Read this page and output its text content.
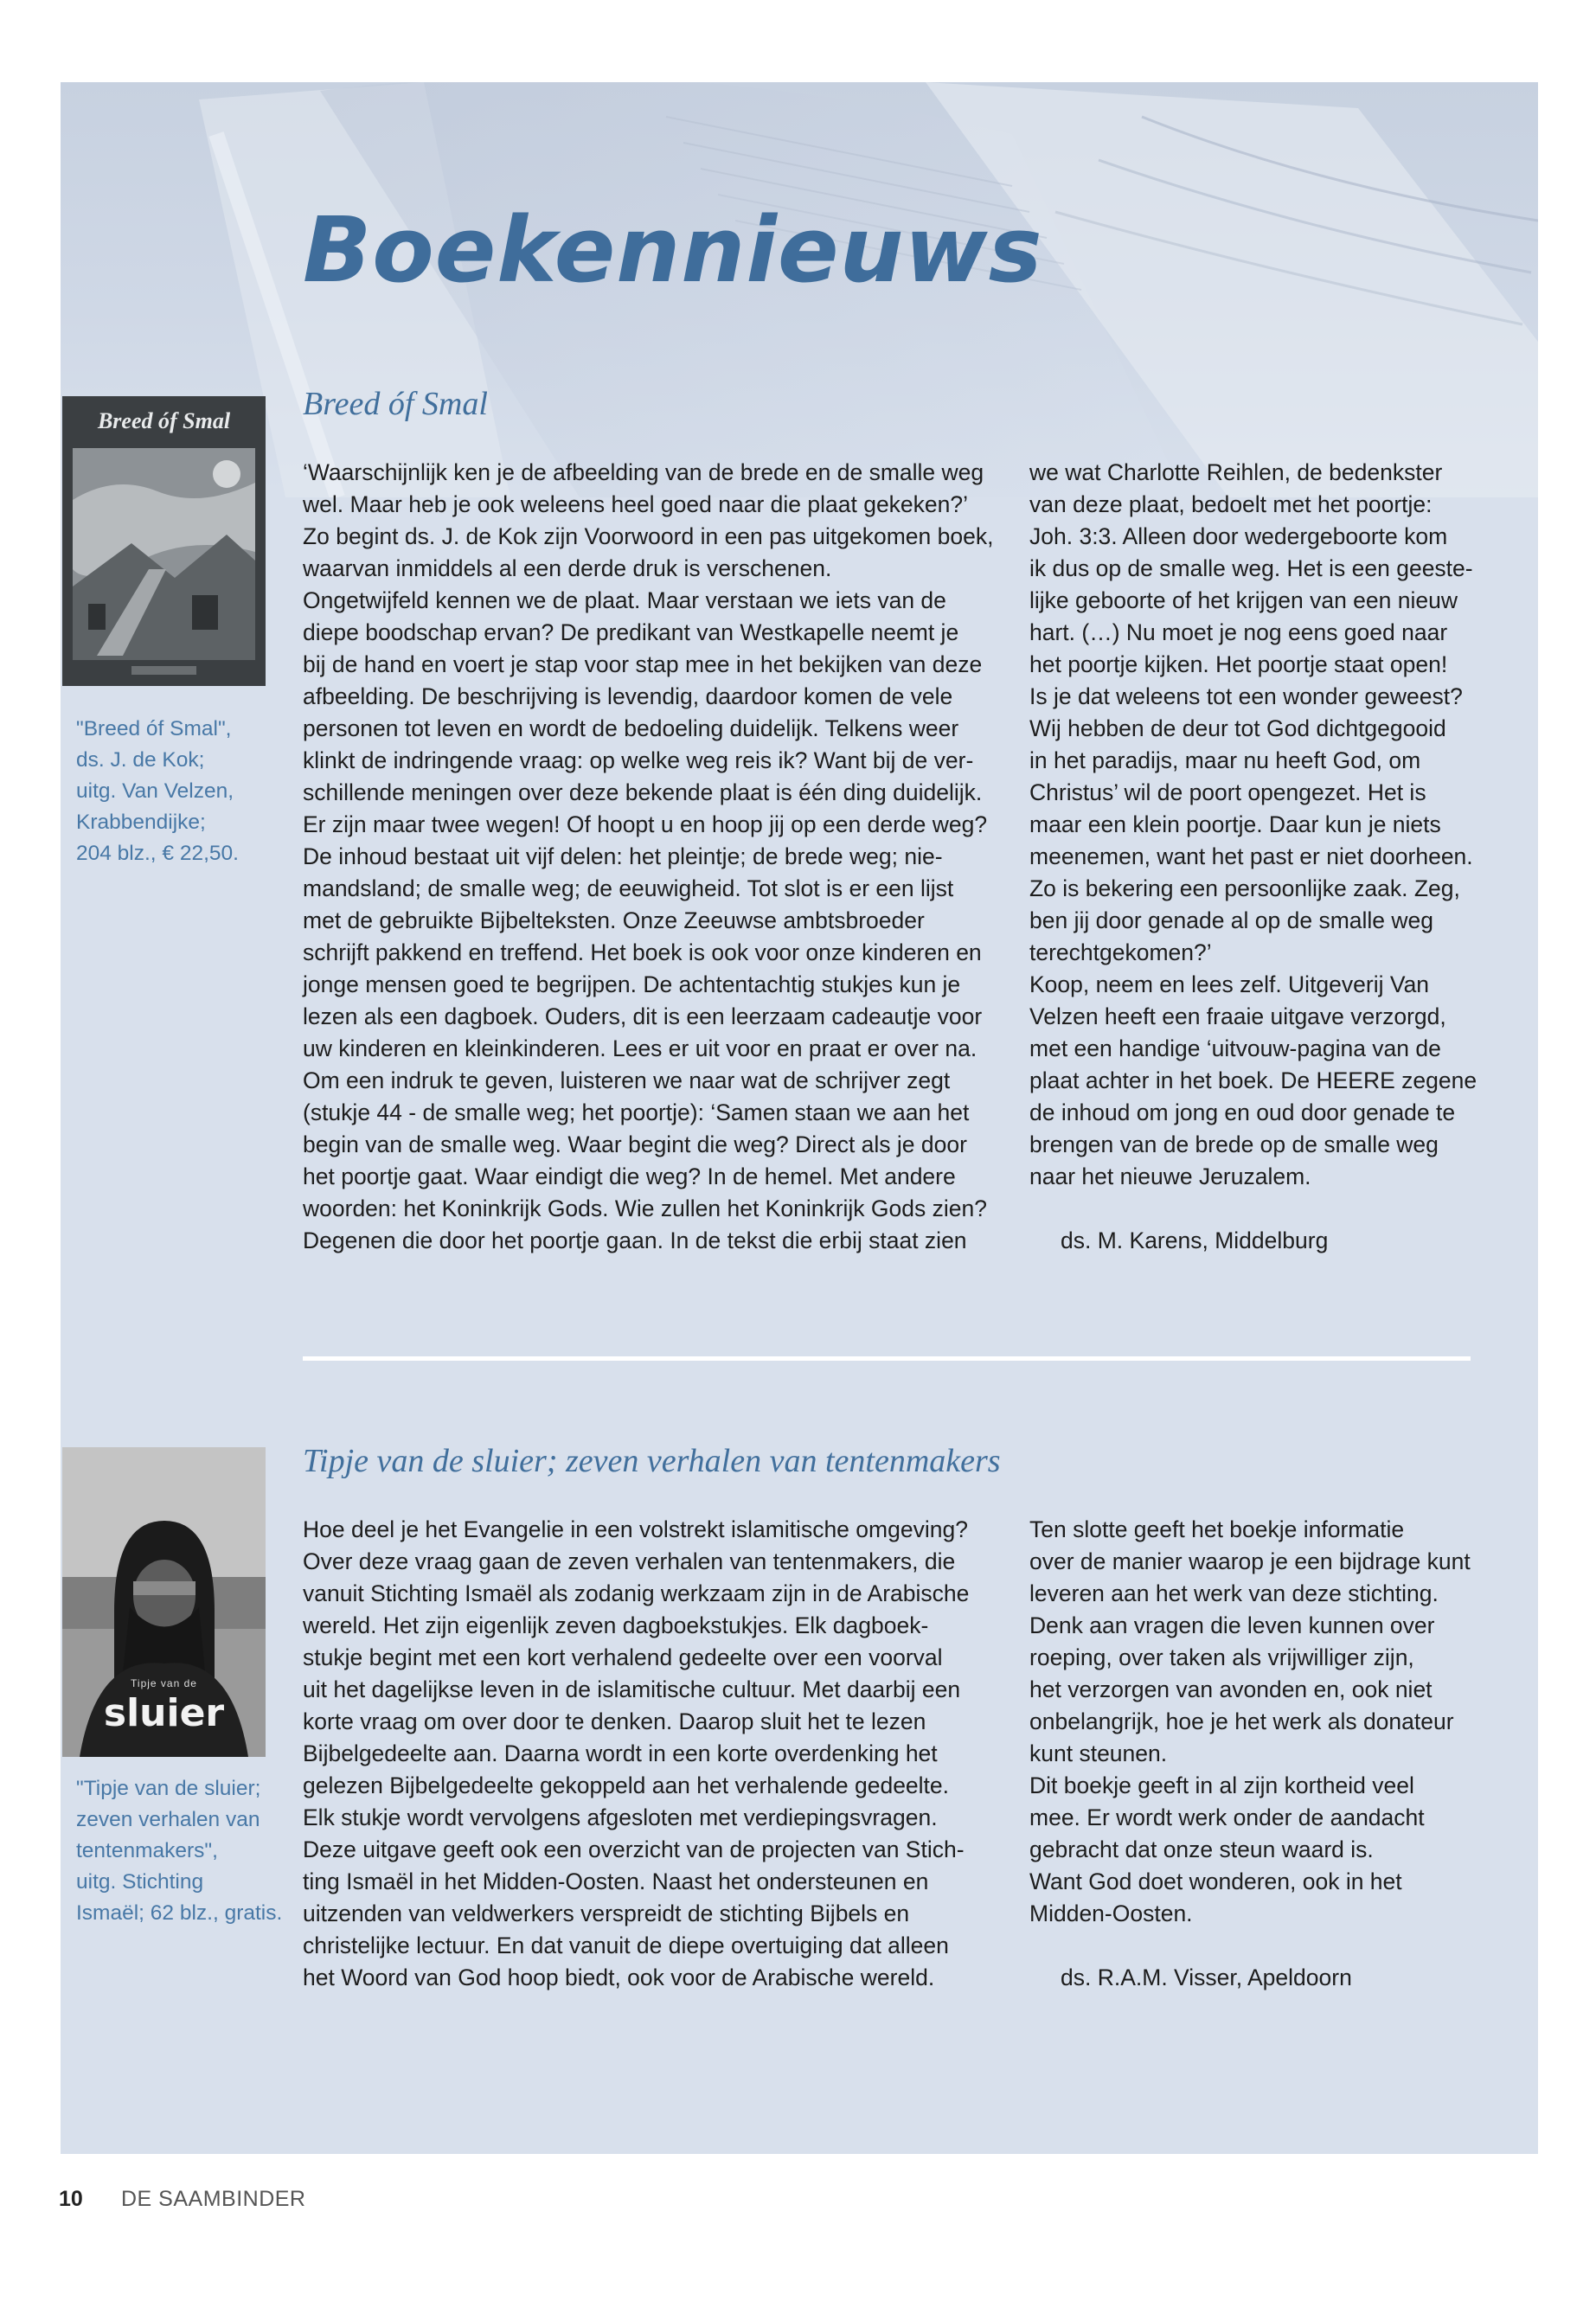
Boekennieuws
Breed óf Smal
"Breed óf Smal",
ds. J. de Kok;
uitg. Van Velzen,
Krabbendijke;
204 blz., € 22,50.
Breed óf Smal

‘Waarschijnlijk ken je de afbeelding van de brede en de smalle weg

wel. Maar heb je ook weleens heel goed naar die plaat gekeken?’

Zo begint ds. J. de Kok zijn Voorwoord in een pas uitgekomen boek,

waarvan inmiddels al een derde druk is verschenen.

Ongetwijfeld kennen we de plaat. Maar verstaan we iets van de

diepe boodschap ervan? De predikant van Westkapelle neemt je

bij de hand en voert je stap voor stap mee in het bekijken van deze

afbeelding. De beschrijving is levendig, daardoor komen de vele

personen tot leven en wordt de bedoeling duidelijk. Telkens weer

klinkt de indringende vraag: op welke weg reis ik? Want bij de ver-

schillende meningen over deze bekende plaat is één ding duidelijk.

Er zijn maar twee wegen! Of hoopt u en hoop jij op een derde weg?

De inhoud bestaat uit vijf delen: het pleintje; de brede weg; nie-

mandsland; de smalle weg; de eeuwigheid. Tot slot is er een lijst

met de gebruikte Bijbelteksten. Onze Zeeuwse ambtsbroeder

schrijft pakkend en treffend. Het boek is ook voor onze kinderen en

jonge mensen goed te begrijpen. De achtentachtig stukjes kun je

lezen als een dagboek. Ouders, dit is een leerzaam cadeautje voor

uw kinderen en kleinkinderen. Lees er uit voor en praat er over na.

Om een indruk te geven, luisteren we naar wat de schrijver zegt

(stukje 44 - de smalle weg; het poortje): ‘Samen staan we aan het

begin van de smalle weg. Waar begint die weg? Direct als je door

het poortje gaat. Waar eindigt die weg? In de hemel. Met andere

woorden: het Koninkrijk Gods. Wie zullen het Koninkrijk Gods zien?

Degenen die door het poortje gaan. In de tekst die erbij staat zien

we wat Charlotte Reihlen, de bedenkster

van deze plaat, bedoelt met het poortje:

Joh. 3:3. Alleen door wedergeboorte kom

ik dus op de smalle weg. Het is een geeste-

lijke geboorte of het krijgen van een nieuw

hart. (…) Nu moet je nog eens goed naar

het poortje kijken. Het poortje staat open!

Is je dat weleens tot een wonder geweest?

Wij hebben de deur tot God dichtgegooid

in het paradijs, maar nu heeft God, om

Christus’ wil de poort opengezet. Het is

maar een klein poortje. Daar kun je niets

meenemen, want het past er niet doorheen.

Zo is bekering een persoonlijke zaak. Zeg,

ben jij door genade al op de smalle weg

terechtgekomen?’

Koop, neem en lees zelf. Uitgeverij Van

Velzen heeft een fraaie uitgave verzorgd,

met een handige ‘uitvouw-pagina van de

plaat achter in het boek. De HEERE zegene

de inhoud om jong en oud door genade te

brengen van de brede op de smalle weg

naar het nieuwe Jeruzalem.

ds. M. Karens, Middelburg

Tipje van de
sluier
"Tipje van de sluier;
zeven verhalen van
tentenmakers",
uitg. Stichting
Ismaël; 62 blz., gratis.
Tipje van de sluier; zeven verhalen van tentenmakers

Hoe deel je het Evangelie in een volstrekt islamitische omgeving?

Over deze vraag gaan de zeven verhalen van tentenmakers, die

vanuit Stichting Ismaël als zodanig werkzaam zijn in de Arabische

wereld. Het zijn eigenlijk zeven dagboekstukjes. Elk dagboek-

stukje begint met een kort verhalend gedeelte over een voorval

uit het dagelijkse leven in de islamitische cultuur. Met daarbij een

korte vraag om over door te denken. Daarop sluit het te lezen

Bijbelgedeelte aan. Daarna wordt in een korte overdenking het

gelezen Bijbelgedeelte gekoppeld aan het verhalende gedeelte.

Elk stukje wordt vervolgens afgesloten met verdiepingsvragen.

Deze uitgave geeft ook een overzicht van de projecten van Stich-

ting Ismaël in het Midden-Oosten. Naast het ondersteunen en

uitzenden van veldwerkers verspreidt de stichting Bijbels en

christelijke lectuur. En dat vanuit de diepe overtuiging dat alleen

het Woord van God hoop biedt, ook voor de Arabische wereld.

Ten slotte geeft het boekje informatie

over de manier waarop je een bijdrage kunt

leveren aan het werk van deze stichting.

Denk aan vragen die leven kunnen over

roeping, over taken als vrijwilliger zijn,

het verzorgen van avonden en, ook niet

onbelangrijk, hoe je het werk als donateur

kunt steunen.

Dit boekje geeft in al zijn kortheid veel

mee. Er wordt werk onder de aandacht

gebracht dat onze steun waard is.

Want God doet wonderen, ook in het

Midden-Oosten.

ds. R.A.M. Visser, Apeldoorn

10 DE SAAMBINDER
